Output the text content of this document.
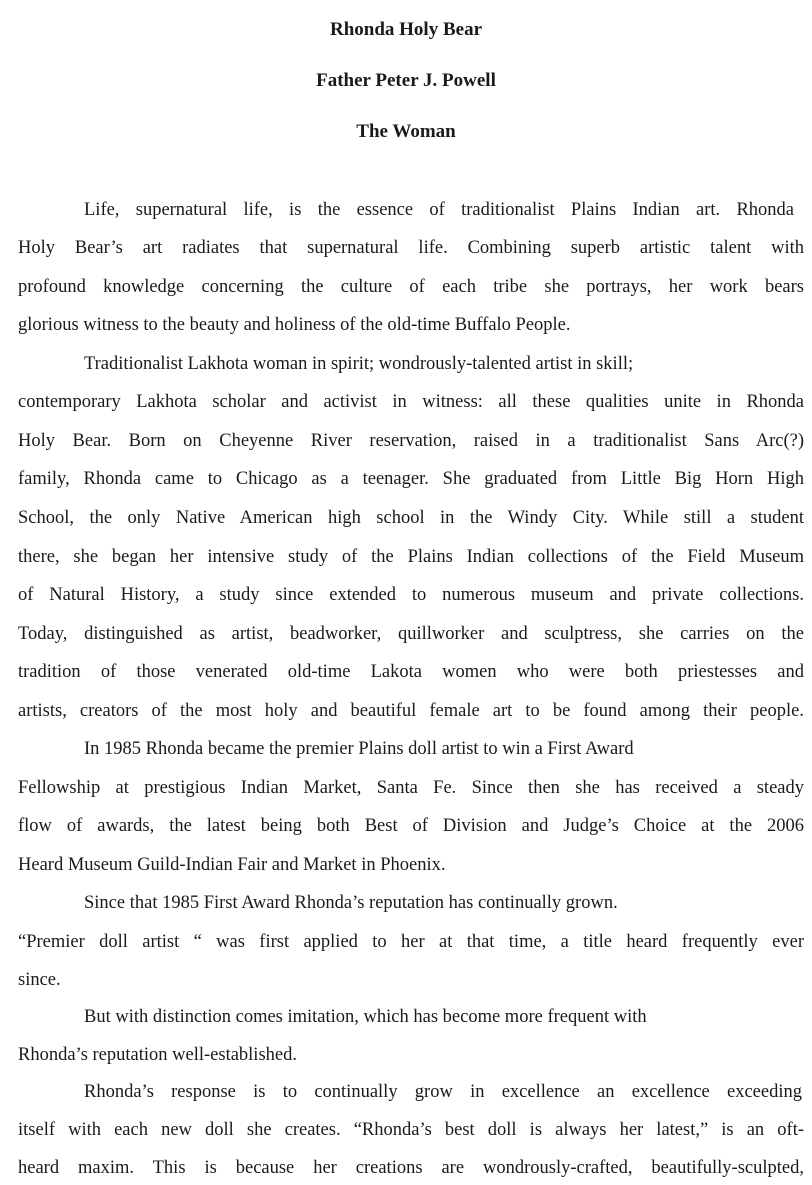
Rhonda Holy Bear
Father Peter J. Powell
The Woman

Life, supernatural life, is the essence of traditionalist Plains Indian art. Rhonda

Holy Bear’s art radiates that supernatural life. Combining superb artistic talent with

profound knowledge concerning the culture of each tribe she portrays, her work bears

glorious witness to the beauty and holiness of the old-time Buffalo People.

Traditionalist Lakhota woman in spirit; wondrously-talented artist in skill;

contemporary Lakhota scholar and activist in witness: all these qualities unite in Rhonda

Holy Bear. Born on Cheyenne River reservation, raised in a traditionalist Sans Arc(?)

family, Rhonda came to Chicago as a teenager. She graduated from Little Big Horn High

School, the only Native American high school in the Windy City. While still a student

there, she began her intensive study of the Plains Indian collections of the Field Museum

of Natural History, a study since extended to numerous museum and private collections.

Today, distinguished as artist, beadworker, quillworker and sculptress, she carries on the

tradition of those venerated old-time Lakota women who were both priestesses and

artists, creators of the most holy and beautiful female art to be found among their people.

In 1985 Rhonda became the premier Plains doll artist to win a First Award

Fellowship at prestigious Indian Market, Santa Fe. Since then she has received a steady

flow of awards, the latest being both Best of Division and Judge’s Choice at the 2006

Heard Museum Guild-Indian Fair and Market in Phoenix.

Since that 1985 First Award Rhonda’s reputation has continually grown.

“Premier doll artist “ was first applied to her at that time, a title heard frequently ever

since.

But with distinction comes imitation, which has become more frequent with

Rhonda’s reputation well-established.

Rhonda’s response is to continually grow in excellence an excellence exceeding

itself with each new doll she creates. “Rhonda’s best doll is always her latest,” is an oft-

heard maxim. This is because her creations are wondrously-crafted, beautifully-sculpted,
